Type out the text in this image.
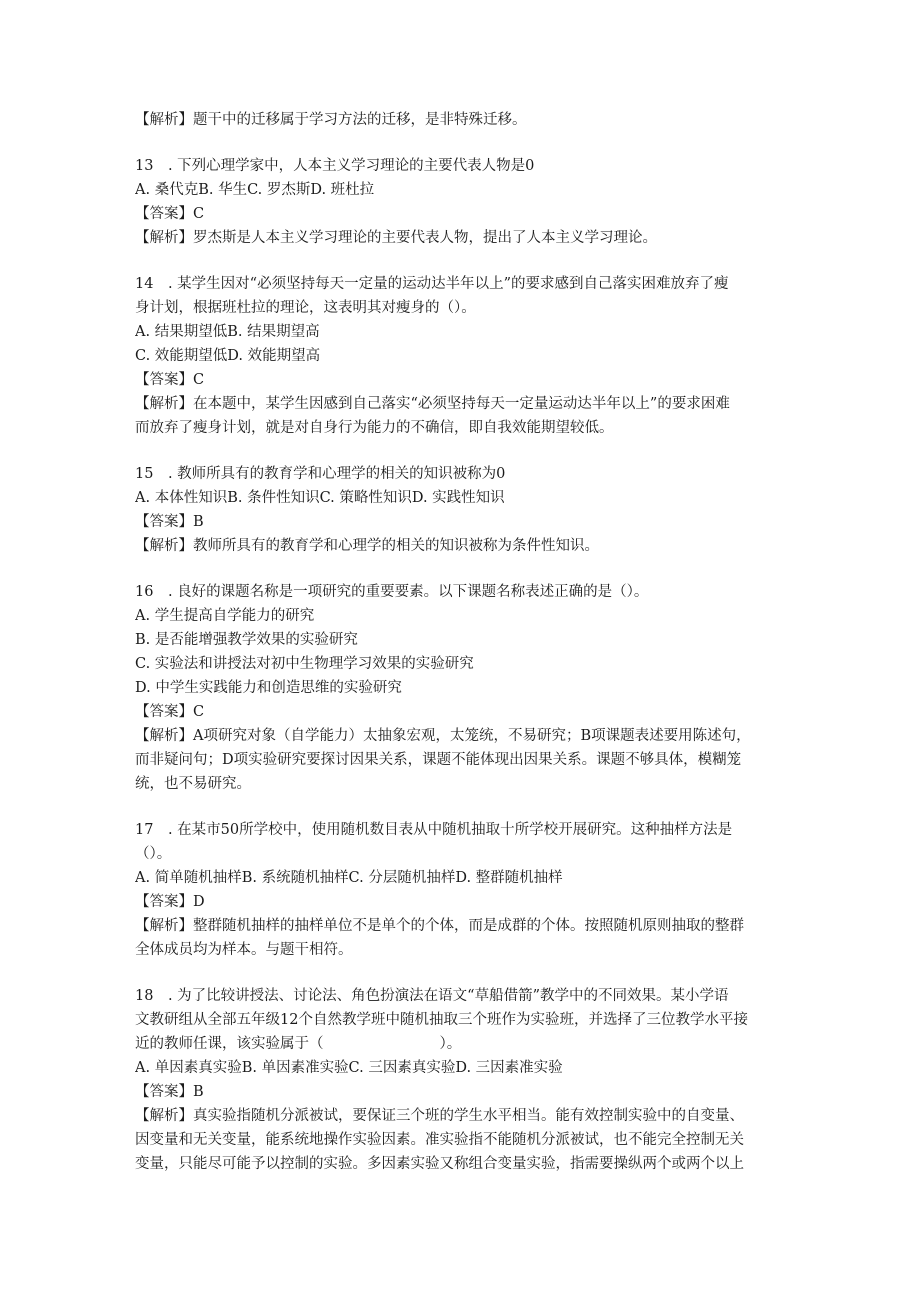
【解析】题干中的迁移属于学习方法的迁移，是非特殊迁移。
13　. 下列心理学家中，人本主义学习理论的主要代表人物是0
A. 桑代克B. 华生C. 罗杰斯D. 班杜拉
【答案】C
【解析】罗杰斯是人本主义学习理论的主要代表人物，提出了人本主义学习理论。
14　. 某学生因对“必须坚持每天一定量的运动达半年以上”的要求感到自己落实困难放弃了瘦
身计划，根据班杜拉的理论，这表明其对瘦身的（）。
A. 结果期望低B. 结果期望高
C. 效能期望低D. 效能期望高
【答案】C
【解析】在本题中，某学生因感到自己落实“必须坚持每天一定量运动达半年以上”的要求困难
而放弃了瘦身计划，就是对自身行为能力的不确信，即自我效能期望较低。
15　. 教师所具有的教育学和心理学的相关的知识被称为0
A. 本体性知识B. 条件性知识C. 策略性知识D. 实践性知识
【答案】B
【解析】教师所具有的教育学和心理学的相关的知识被称为条件性知识。
16　. 良好的课题名称是一项研究的重要要素。以下课题名称表述正确的是（）。
A. 学生提高自学能力的研究
B. 是否能增强教学效果的实验研究
C. 实验法和讲授法对初中生物理学习效果的实验研究
D. 中学生实践能力和创造思维的实验研究
【答案】C
【解析】A项研究对象（自学能力）太抽象宏观，太笼统，不易研究；B项课题表述要用陈述句，
而非疑问句；D项实验研究要探讨因果关系，课题不能体现出因果关系。课题不够具体，模糊笼
统，也不易研究。
17　. 在某市50所学校中，使用随机数目表从中随机抽取十所学校开展研究。这种抽样方法是
（）。
A. 简单随机抽样B. 系统随机抽样C. 分层随机抽样D. 整群随机抽样
【答案】D
【解析】整群随机抽样的抽样单位不是单个的个体，而是成群的个体。按照随机原则抽取的整群
全体成员均为样本。与题干相符。
18　. 为了比较讲授法、讨论法、角色扮演法在语文“草船借箭”教学中的不同效果。某小学语
文教研组从全部五年级12个自然教学班中随机抽取三个班作为实验班，并选择了三位教学水平接
近的教师任课，该实验属于（　　　　　　　　）。
A. 单因素真实验B. 单因素准实验C. 三因素真实验D. 三因素准实验
【答案】B
【解析】真实验指随机分派被试，要保证三个班的学生水平相当。能有效控制实验中的自变量、
因变量和无关变量，能系统地操作实验因素。准实验指不能随机分派被试，也不能完全控制无关
变量，只能尽可能予以控制的实验。多因素实验又称组合变量实验，指需要操纵两个或两个以上
